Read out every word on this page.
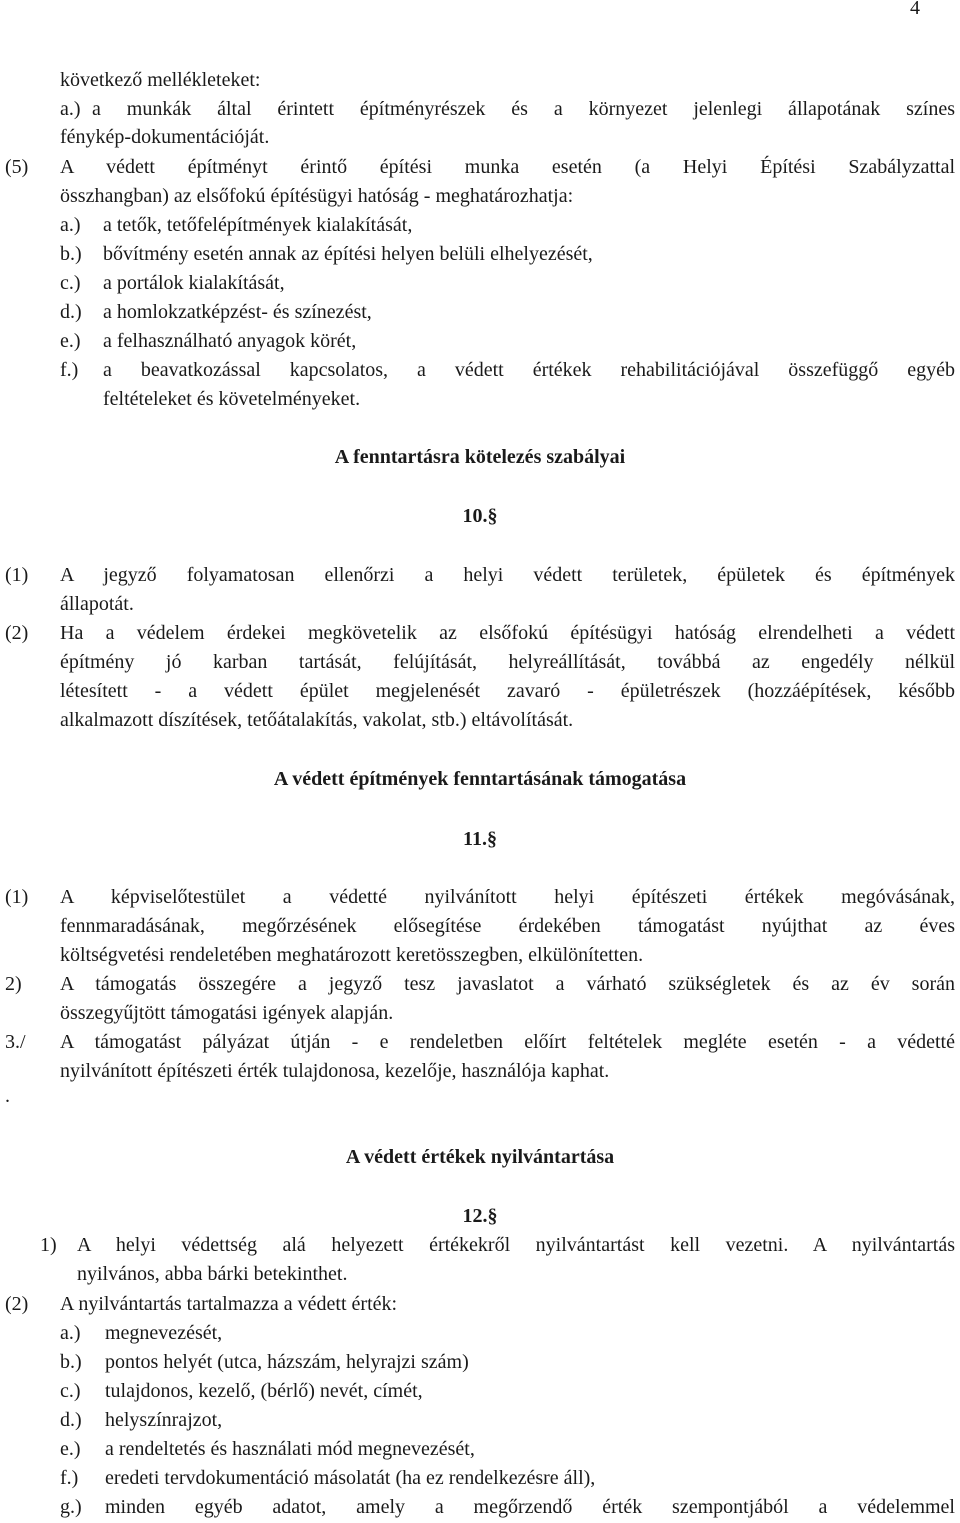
4
következő mellékleteket:
a.) a munkák által érintett építményrészek és a környezet jelenlegi állapotának színes
fénykép-dokumentációját.
(5) A védett építményt érintő építési munka esetén (a Helyi Építési Szabályzattal
összhangban) az elsőfokú építésügyi hatóság - meghatározhatja:
a.) a tetők, tetőfelépítmények kialakítását,
b.) bővítmény esetén annak az építési helyen belüli elhelyezését,
c.) a portálok kialakítását,
d.) a homlokzatképzést- és színezést,
e.) a felhasználható anyagok körét,
f.) a beavatkozással kapcsolatos, a védett értékek rehabilitációjával összefüggő egyéb
feltételeket és követelményeket.
A fenntartásra kötelezés szabályai
10.§
(1) A jegyző folyamatosan ellenőrzi a helyi védett területek, épületek és építmények
állapotát.
(2) Ha a védelem érdekei megkövetelik az elsőfokú építésügyi hatóság elrendelheti a védett
építmény jó karban tartását, felújítását, helyreállítását, továbbá az engedély nélkül
létesített - a védett épület megjelenését zavaró - épületrészek (hozzáépítések, később
alkalmazott díszítések, tetőátalakítás, vakolat, stb.) eltávolítását.
A védett építmények fenntartásának támogatása
11.§
(1) A képviselőtestület a védetté nyilvánított helyi építészeti értékek megóvásának,
fennmaradásának, megőrzésének elősegítése érdekében támogatást nyújthat az éves
költségvetési rendeletében meghatározott keretösszegben, elkülönítetten.
2) A támogatás összegére a jegyző tesz javaslatot a várható szükségletek és az év során
összegyűjtött támogatási igények alapján.
3./ A támogatást pályázat útján - e rendeletben előírt feltételek megléte esetén - a védetté
nyilvánított építészeti érték tulajdonosa, kezelője, használója kaphat.
.
A védett értékek nyilvántartása
12.§
1) A helyi védettség alá helyezett értékekről nyilvántartást kell vezetni. A nyilvántartás
nyilvános, abba bárki betekinthet.
(2) A nyilvántartás tartalmazza a védett érték:
a.) megnevezését,
b.) pontos helyét (utca, házszám, helyrajzi szám)
c.) tulajdonos, kezelő, (bérlő) nevét, címét,
d.) helyszínrajzot,
e.) a rendeltetés és használati mód megnevezését,
f.) eredeti tervdokumentáció másolatát (ha ez rendelkezésre áll),
g.) minden egyéb adatot, amely a megőrzendő érték szempontjából a védelemmel
